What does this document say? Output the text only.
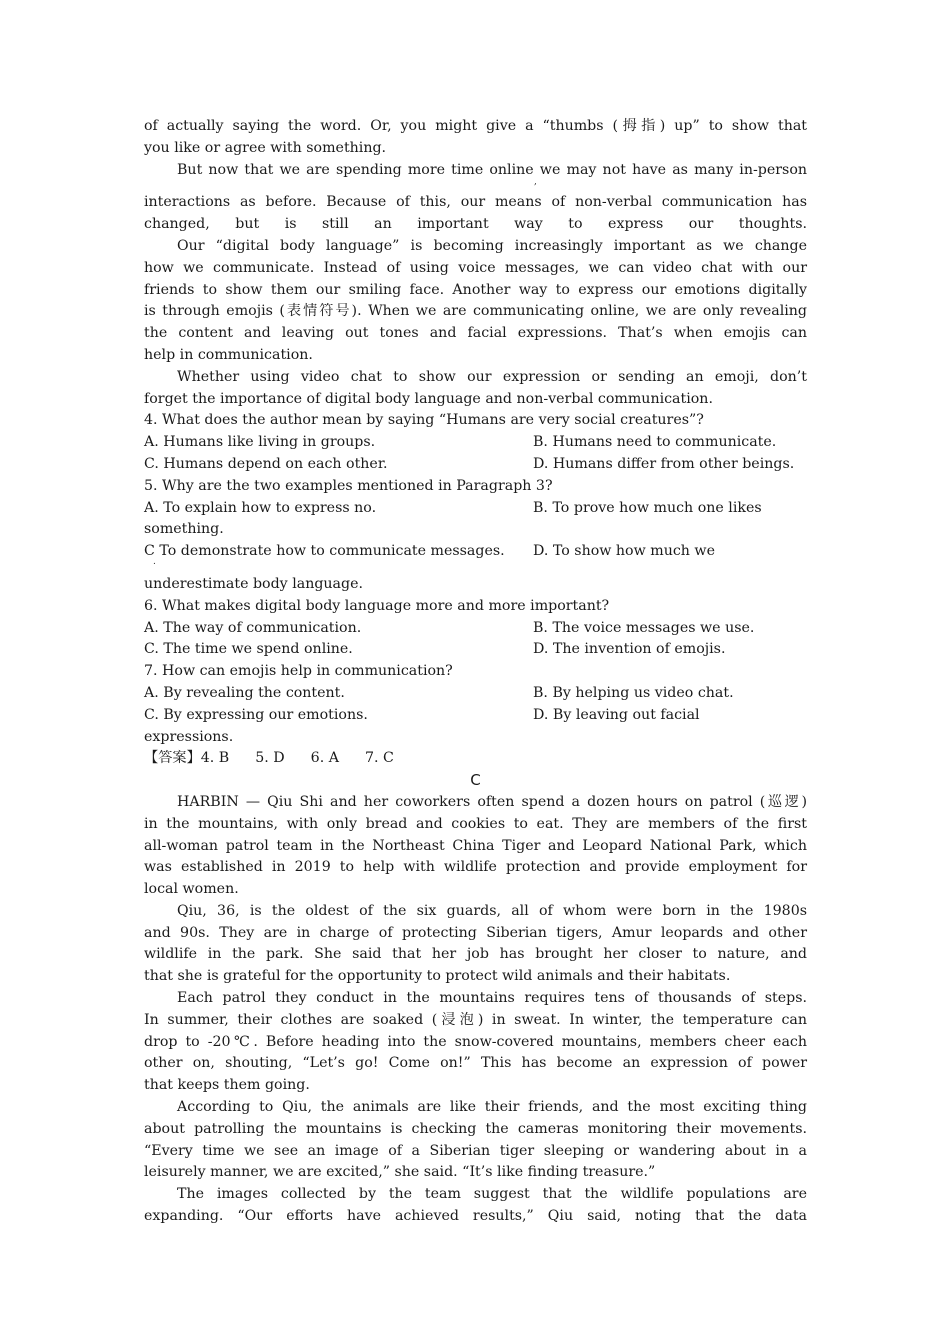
of actually saying the word. Or, you might give a “thumbs (拇指) up” to show that
you like or agree with something.
But now that we are spending more time online we may not have as many in-person
,
interactions as before. Because of this, our means of non-verbal communication has
changed, but is still an important way to express our thoughts.
Our “digital body language” is becoming increasingly important as we change
how we communicate. Instead of using voice messages, we can video chat with our
friends to show them our smiling face. Another way to express our emotions digitally
is through emojis (表情符号). When we are communicating online, we are only revealing
the content and leaving out tones and facial expressions. That’s when emojis can
help in communication.
Whether using video chat to show our expression or sending an emoji, don’t
forget the importance of digital body language and non-verbal communication.
4. What does the author mean by saying “Humans are very social creatures”?
A. Humans like living in groups.	B. Humans need to communicate.
C. Humans depend on each other.	D. Humans differ from other beings.
5. Why are the two examples mentioned in Paragraph 3?
A. To explain how to express no.	B. To prove how much one likes
something.
C To demonstrate how to communicate messages.	D. To show how much we
.
underestimate body language.
6. What makes digital body language more and more important?
A. The way of communication.	B. The voice messages we use.
C. The time we spend online.	D. The invention of emojis.
7. How can emojis help in communication?
A. By revealing the content.	B. By helping us video chat.
C. By expressing our emotions.	D. By leaving out facial
expressions.
【答案】4. B 5. D 6. A 7. C
C
HARBIN — Qiu Shi and her coworkers often spend a dozen hours on patrol (巡逻)
in the mountains, with only bread and cookies to eat. They are members of the first
all-woman patrol team in the Northeast China Tiger and Leopard National Park, which
was established in 2019 to help with wildlife protection and provide employment for
local women.
Qiu, 36, is the oldest of the six guards, all of whom were born in the 1980s
and 90s. They are in charge of protecting Siberian tigers, Amur leopards and other
wildlife in the park. She said that her job has brought her closer to nature, and
that she is grateful for the opportunity to protect wild animals and their habitats.
Each patrol they conduct in the mountains requires tens of thousands of steps.
In summer, their clothes are soaked (浸泡) in sweat. In winter, the temperature can
drop to -20℃. Before heading into the snow-covered mountains, members cheer each
other on, shouting, “Let’s go! Come on!” This has become an expression of power
that keeps them going.
According to Qiu, the animals are like their friends, and the most exciting thing
about patrolling the mountains is checking the cameras monitoring their movements.
“Every time we see an image of a Siberian tiger sleeping or wandering about in a
leisurely manner, we are excited,” she said. “It’s like finding treasure.”
The images collected by the team suggest that the wildlife populations are
expanding. “Our efforts have achieved results,” Qiu said, noting that the data
